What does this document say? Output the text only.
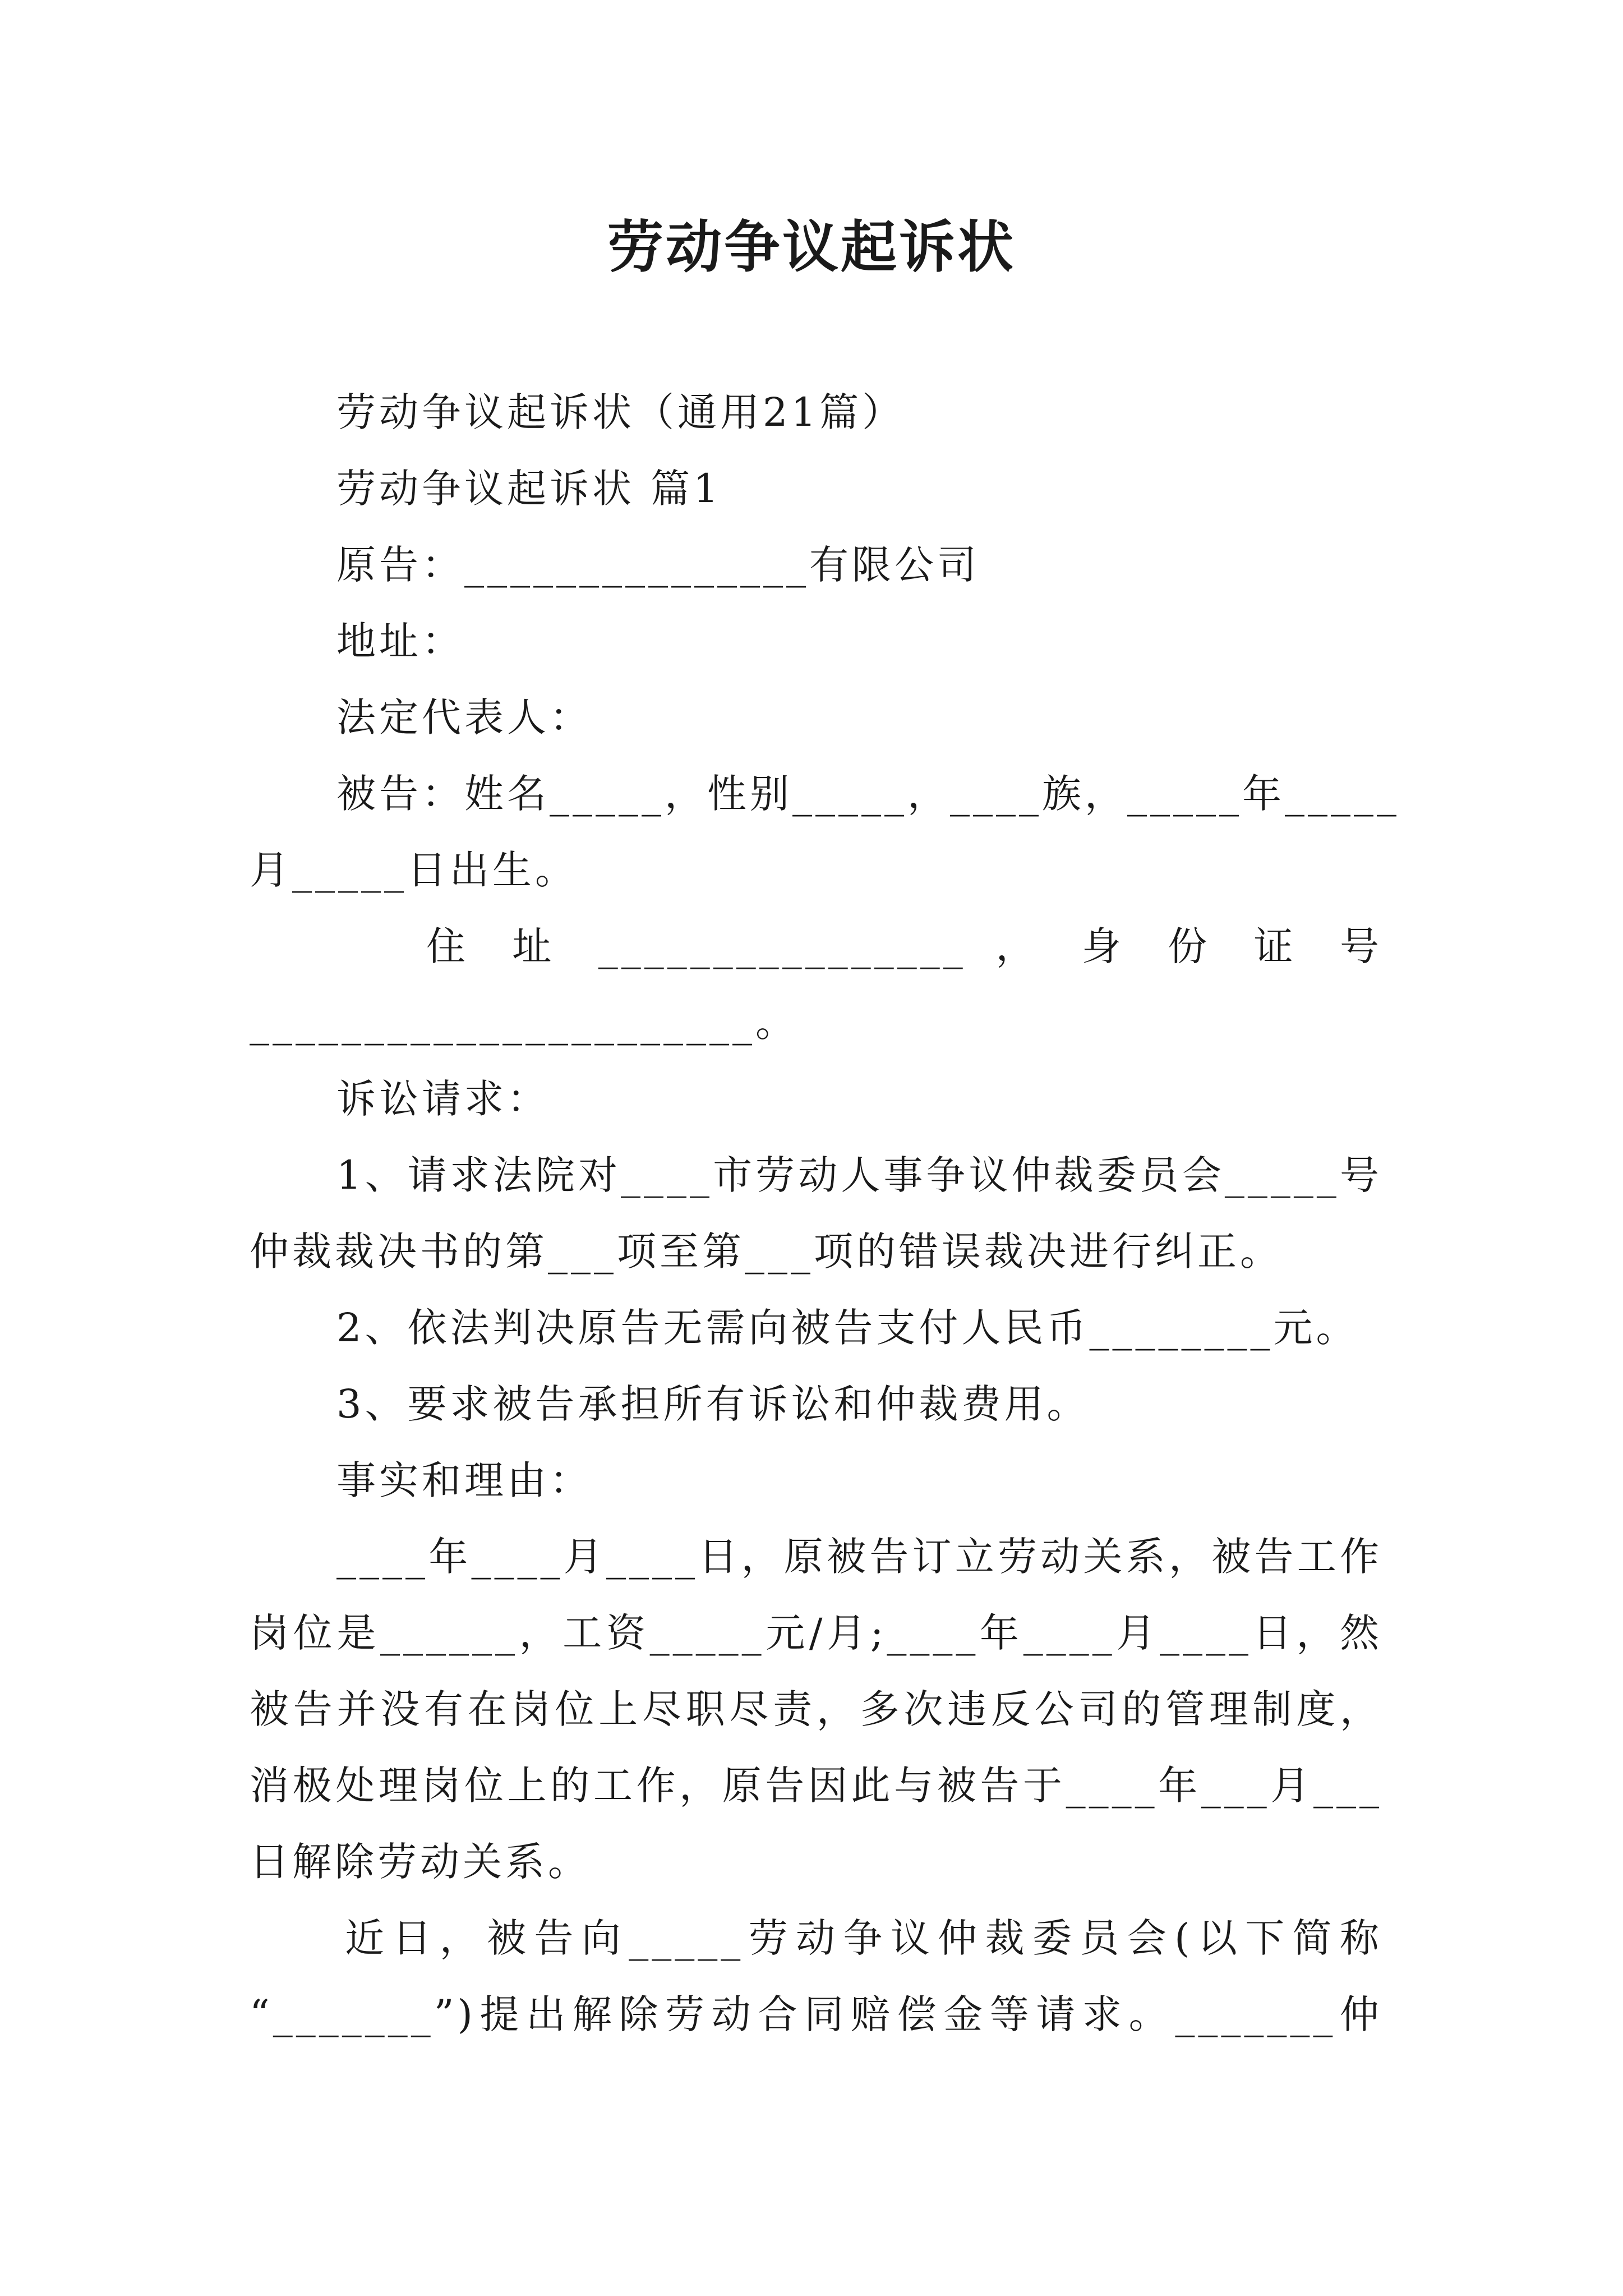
劳动争议起诉状
劳动争议起诉状（通用21篇）
劳动争议起诉状 篇1
原告：_______________有限公司
地址：
法定代表人：
被告：姓名_____，性别_____，____族，_____年_____
月_____日出生。
住 址 ________________ ， 身 份 证 号
______________________。
诉讼请求：
1、请求法院对____市劳动人事争议仲裁委员会_____号
仲裁裁决书的第___项至第___项的错误裁决进行纠正。
2、依法判决原告无需向被告支付人民币________元。
3、要求被告承担所有诉讼和仲裁费用。
事实和理由：
____年____月____日，原被告订立劳动关系，被告工作
岗位是______，工资_____元/月;____年____月____日，然
被告并没有在岗位上尽职尽责，多次违反公司的管理制度，
消极处理岗位上的工作，原告因此与被告于____年___月___
日解除劳动关系。
近日，被告向_____劳动争议仲裁委员会(以下简称
“_______”)提出解除劳动合同赔偿金等请求。_______仲
